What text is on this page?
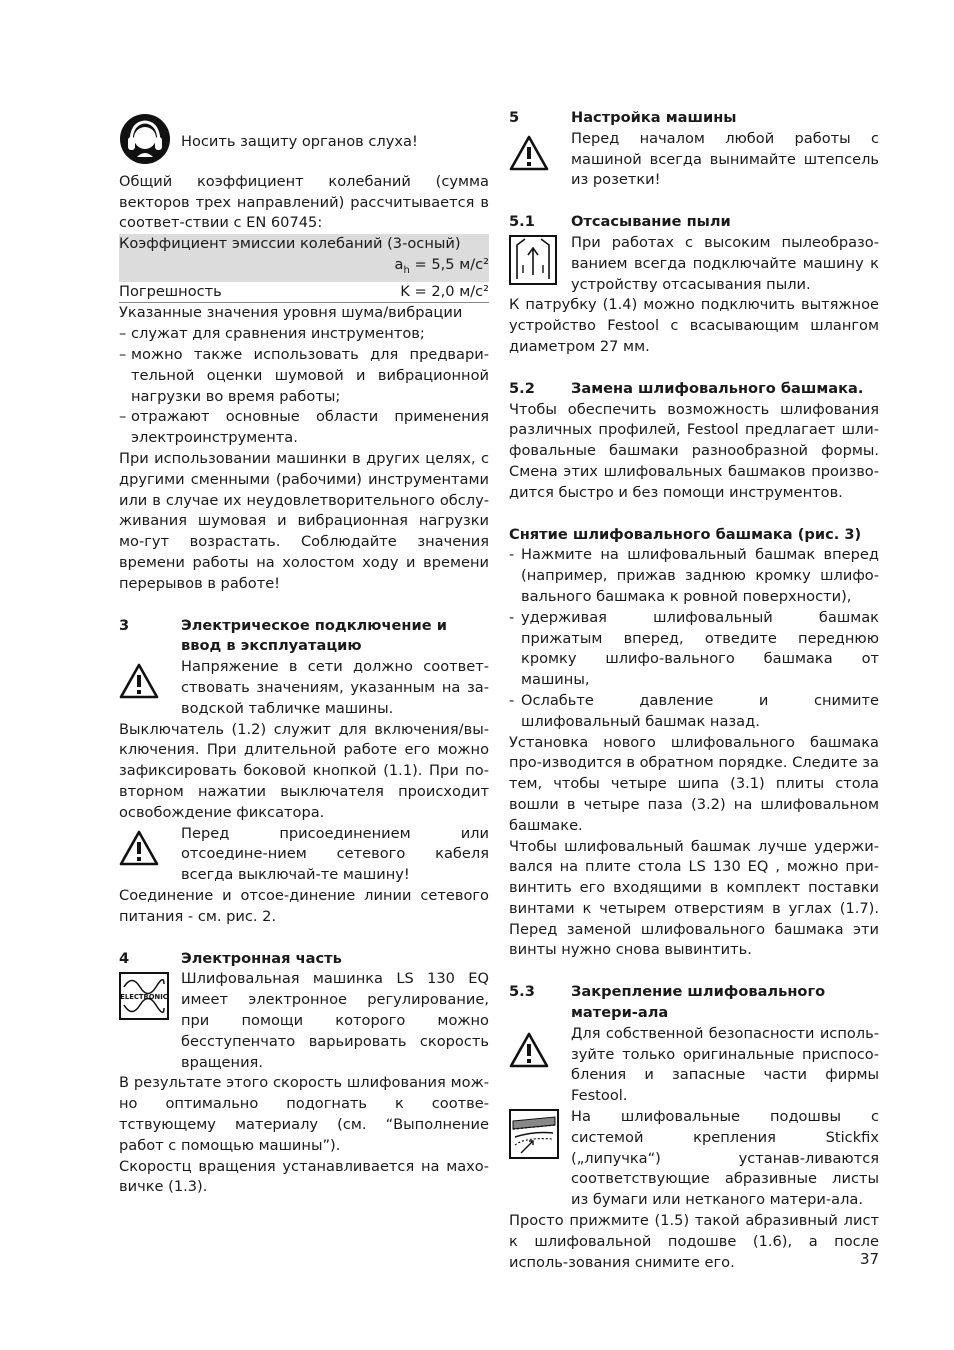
Носить защиту органов слуха!

Общий коэффициент колебаний (сумма векторов трех направлений) рассчитывается в соответ-ствии с EN 60745:

Коэффициент эмиссии колебаний (3-осный)
$a_h = 5,5$ м/с²
Погрешность	K = 2,0 м/с²

Указанные значения уровня шума/вибрации

– служат для сравнения инструментов;
– можно также использовать для предвари-тельной оценки шумовой и вибрационной нагрузки во время работы;
– отражают основные области применения электроинструмента.

При использовании машинки в других целях, с другими сменными (рабочими) инструментами или в случае их неудовлетворительного обслу-живания шумовая и вибрационная нагрузки мо-гут возрастать. Соблюдайте значения времени работы на холостом ходу и времени перерывов в работе!

3	Электрическое подключение и ввод в эксплуатацию

Напряжение в сети должно соответ-ствовать значениям, указанным на за-водской табличке машины.

Выключатель (1.2) служит для включения/вы-ключения. При длительной работе его можно зафиксировать боковой кнопкой (1.1). При по-вторном нажатии выключателя происходит освобождение фиксатора.

Перед присоединением или отсоедине-нием сетевого кабеля всегда выключай-те машину!

Соединение и отсое-динение линии сетевого питания - см. рис. 2.

4	Электронная часть
ELECTRONIC

Шлифовальная машинка LS 130 EQ имеет электронное регулирование, при помощи которого можно бесступенчато варьировать скорость вращения.

В результате этого скорость шлифования мож-но оптимально подогнать к соотве-тствующему материалу (см. “Выполнение работ с помощью машины”).

Скоростц вращения устанавливается на махо-вичке (1.3).

5	Настройка машины

Перед началом любой работы с машиной всегда вынимайте штепсель из розетки!

5.1	Отсасывание пыли

При работах с высоким пылеобразо-ванием всегда подключайте машину к устройству отсасывания пыли.

К патрубку (1.4) можно подключить вытяжное устройство Festool с всасывающим шлангом диаметром 27 мм.

5.2	Замена шлифовального башмака.

Чтобы обеспечить возможность шлифования различных профилей, Festool предлагает шли-фовальные башмаки разнообразной формы. Смена этих шлифовальных башмаков произво-дится быстро и без помощи инструментов.

Снятие шлифовального башмака (рис. 3)
- Нажмите на шлифовальный башмак вперед (например, прижав заднюю кромку шлифо-вального башмака к ровной поверхности),
- удерживая шлифовальный башмак прижатым вперед, отведите переднюю кромку шлифо-вального башмака от машины,
- Ослабьте давление и снимите шлифовальный башмак назад.

Установка нового шлифовального башмака про-изводится в обратном порядке. Следите за тем, чтобы четыре шипа (3.1) плиты стола вошли в четыре паза (3.2) на шлифовальном башмаке.

Чтобы шлифовальный башмак лучше удержи-вался на плите стола LS 130 EQ , можно при-винтить его входящими в комплект поставки винтами к четырем отверстиям в углах (1.7). Перед заменой шлифовального башмака эти винты нужно снова вывинтить.

5.3	Закрепление шлифовального матери-ала

Для собственной безопасности исполь-зуйте только оригинальные приспосо-бления и запасные части фирмы Festool.

На шлифовальные подошвы с системой крепления Stickfix („липучка“) устанав-ливаются соответствующие абразивные листы из бумаги или нетканого матери-ала.

Просто прижмите (1.5) такой абразивный лист к шлифовальной подошве (1.6), а после исполь-зования снимите его.	37
